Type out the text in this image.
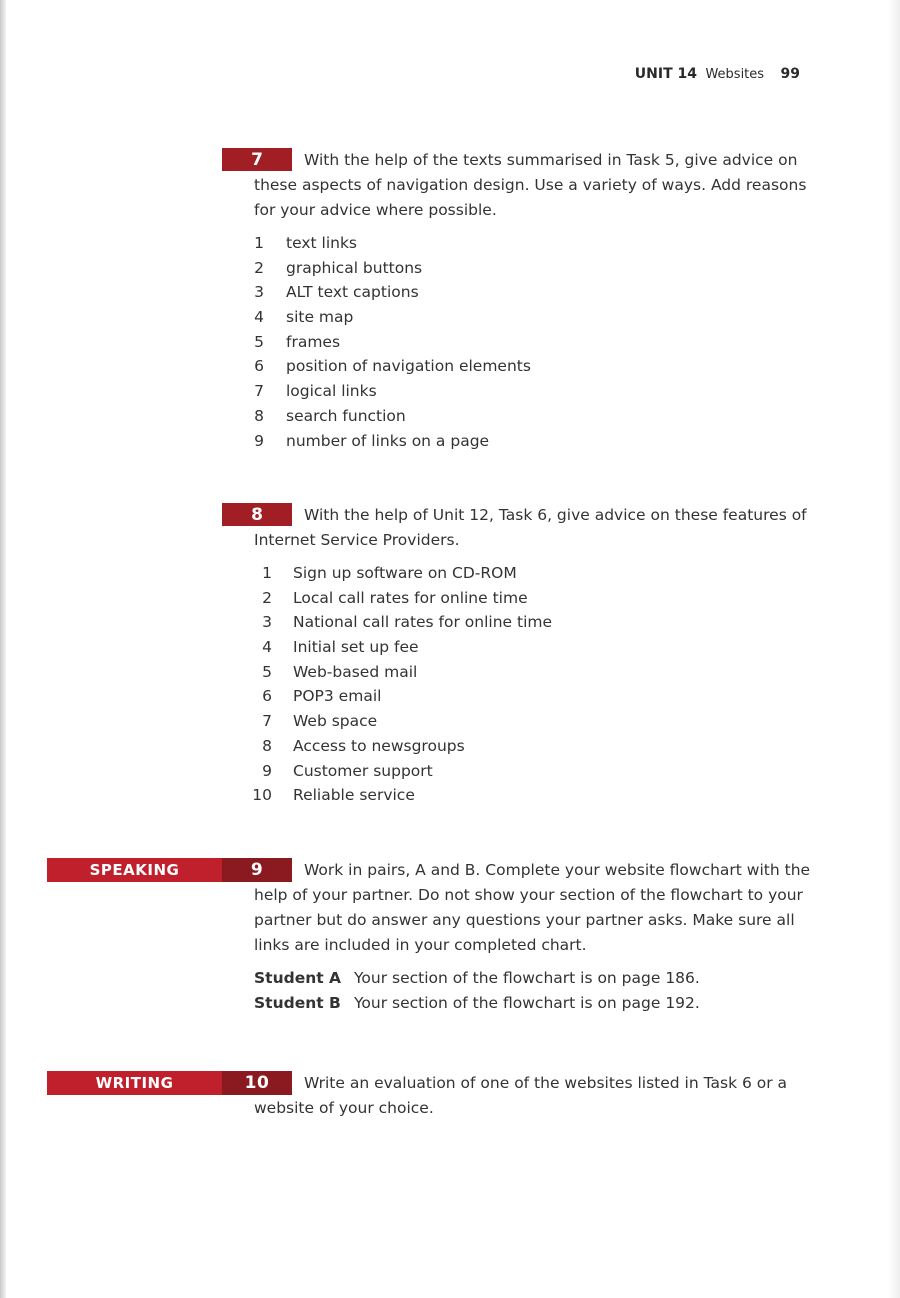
UNIT 14 Websites 99
7	With the help of the texts summarised in Task 5, give advice on these aspects of navigation design. Use a variety of ways. Add reasons for your advice where possible.
1 text links
2 graphical buttons
3 ALT text captions
4 site map
5 frames
6 position of navigation elements
7 logical links
8 search function
9 number of links on a page
8	With the help of Unit 12, Task 6, give advice on these features of Internet Service Providers.
1 Sign up software on CD-ROM
2 Local call rates for online time
3 National call rates for online time
4 Initial set up fee
5 Web-based mail
6 POP3 email
7 Web space
8 Access to newsgroups
9 Customer support
10 Reliable service
SPEAKING	9	Work in pairs, A and B. Complete your website flowchart with the help of your partner. Do not show your section of the flowchart to your partner but do answer any questions your partner asks. Make sure all links are included in your completed chart.
Student A Your section of the flowchart is on page 186.
Student B Your section of the flowchart is on page 192.
WRITING	10	Write an evaluation of one of the websites listed in Task 6 or a website of your choice.
